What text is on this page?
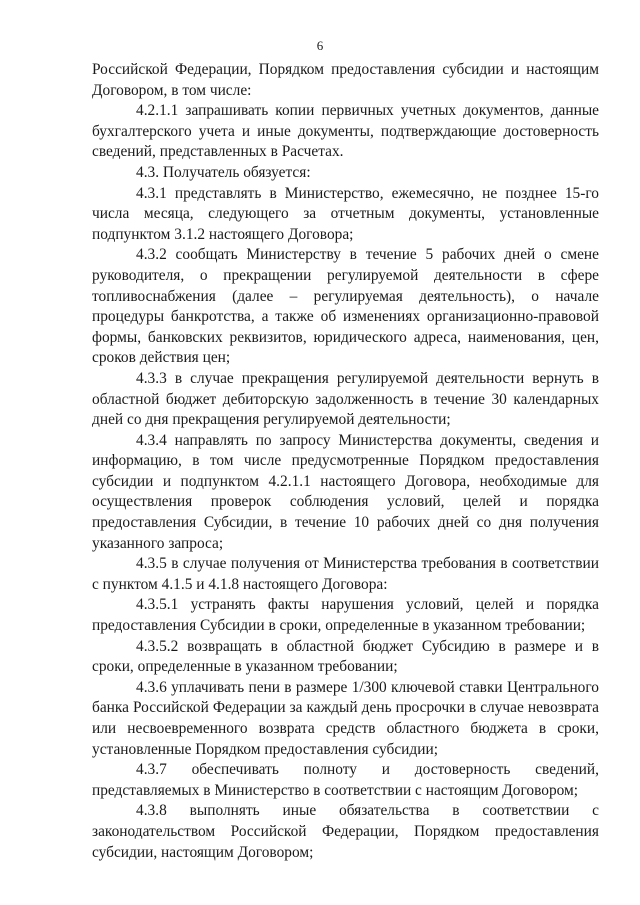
6

Российской Федерации, Порядком предоставления субсидии и настоящим Договором, в том числе:

4.2.1.1 запрашивать копии первичных учетных документов, данные бухгалтерского учета и иные документы, подтверждающие достоверность сведений, представленных в Расчетах.

4.3. Получатель обязуется:

4.3.1 представлять в Министерство, ежемесячно, не позднее 15-го числа месяца, следующего за отчетным документы, установленные подпунктом 3.1.2 настоящего Договора;

4.3.2 сообщать Министерству в течение 5 рабочих дней о смене руководителя, о прекращении регулируемой деятельности в сфере топливоснабжения (далее – регулируемая деятельность), о начале процедуры банкротства, а также об изменениях организационно-правовой формы, банковских реквизитов, юридического адреса, наименования, цен, сроков действия цен;

4.3.3 в случае прекращения регулируемой деятельности вернуть в областной бюджет дебиторскую задолженность в течение 30 календарных дней со дня прекращения регулируемой деятельности;

4.3.4 направлять по запросу Министерства документы, сведения и информацию, в том числе предусмотренные Порядком предоставления субсидии и подпунктом 4.2.1.1 настоящего Договора, необходимые для осуществления проверок соблюдения условий, целей и порядка предоставления Субсидии, в течение 10 рабочих дней со дня получения указанного запроса;

4.3.5 в случае получения от Министерства требования в соответствии с пунктом 4.1.5 и 4.1.8 настоящего Договора:

4.3.5.1 устранять факты нарушения условий, целей и порядка предоставления Субсидии в сроки, определенные в указанном требовании;

4.3.5.2 возвращать в областной бюджет Субсидию в размере и в сроки, определенные в указанном требовании;

4.3.6 уплачивать пени в размере 1/300 ключевой ставки Центрального банка Российской Федерации за каждый день просрочки в случае невозврата или несвоевременного возврата средств областного бюджета в сроки, установленные Порядком предоставления субсидии;

4.3.7 обеспечивать полноту и достоверность сведений, представляемых в Министерство в соответствии с настоящим Договором;

4.3.8 выполнять иные обязательства в соответствии с законодательством Российской Федерации, Порядком предоставления субсидии, настоящим Договором;
